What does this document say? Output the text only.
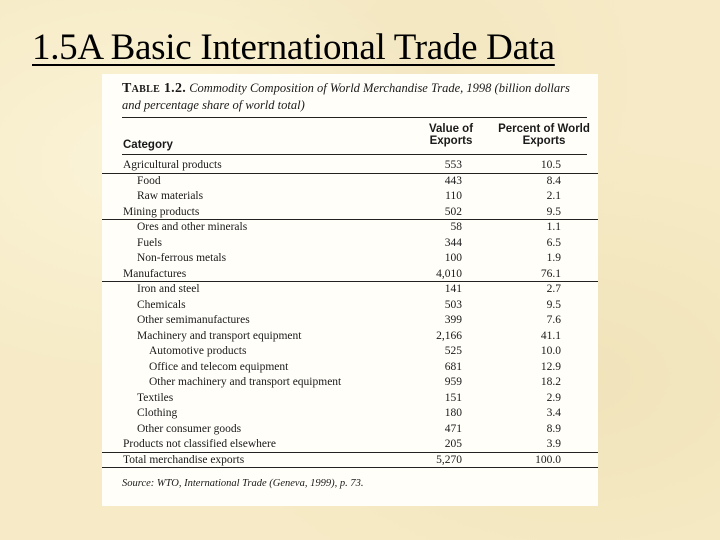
1.5A Basic International Trade Data
Table 1.2. Commodity Composition of World Merchandise Trade, 1998 (billion dollars and percentage share of world total)
Category
Value of Exports
Percent of World Exports
Agricultural products	553	10.5
Food	443	8.4
Raw materials	110	2.1
Mining products	502	9.5
Ores and other minerals	58	1.1
Fuels	344	6.5
Non-ferrous metals	100	1.9
Manufactures	4,010	76.1
Iron and steel	141	2.7
Chemicals	503	9.5
Other semimanufactures	399	7.6
Machinery and transport equipment	2,166	41.1
Automotive products	525	10.0
Office and telecom equipment	681	12.9
Other machinery and transport equipment	959	18.2
Textiles	151	2.9
Clothing	180	3.4
Other consumer goods	471	8.9
Products not classified elsewhere	205	3.9
Total merchandise exports	5,270	100.0
Source: WTO, International Trade (Geneva, 1999), p. 73.
